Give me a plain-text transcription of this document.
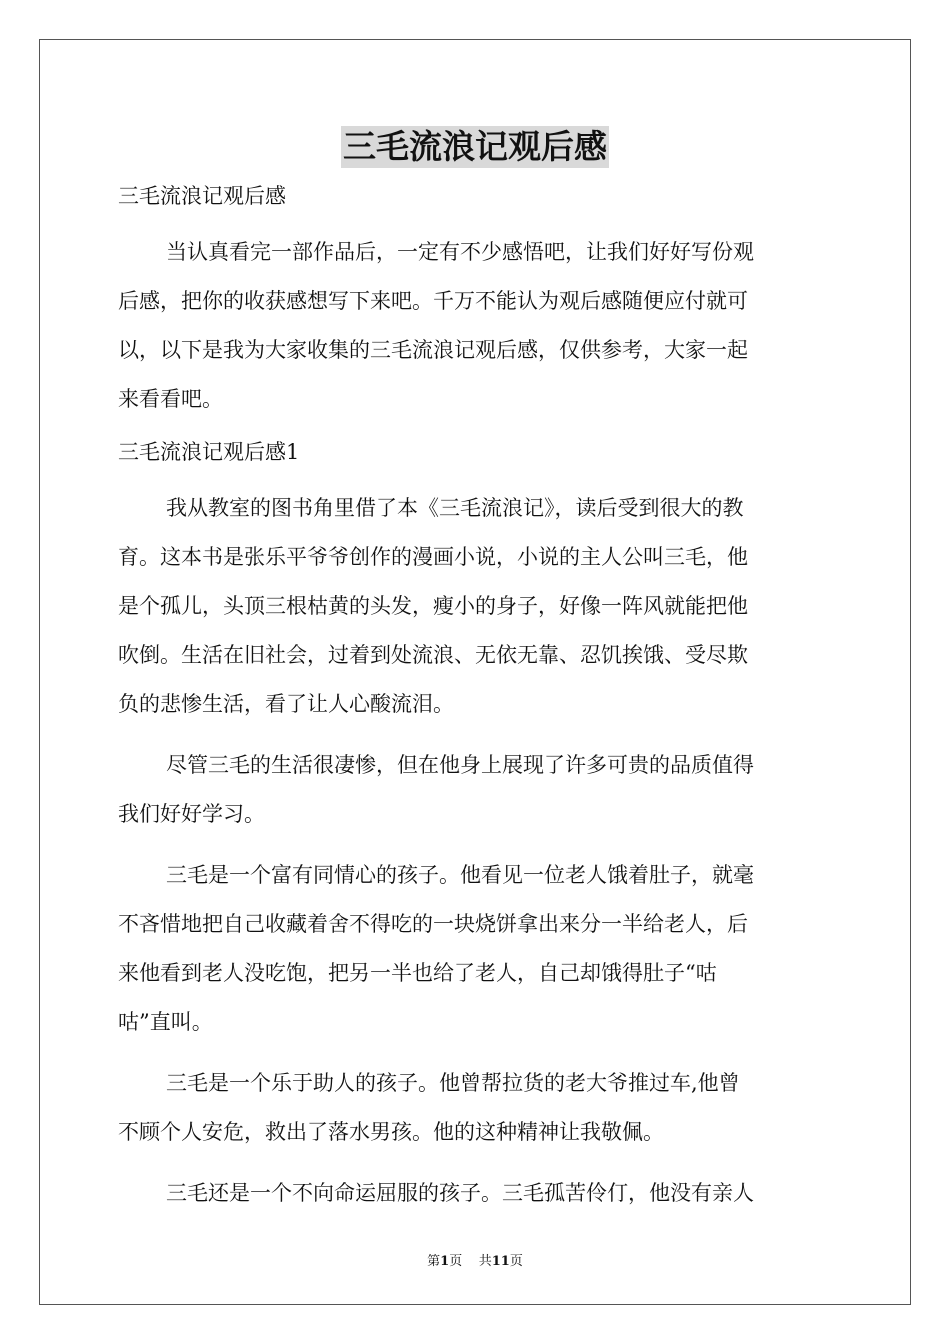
三毛流浪记观后感
三毛流浪记观后感
当认真看完一部作品后，一定有不少感悟吧，让我们好好写份观
后感，把你的收获感想写下来吧。千万不能认为观后感随便应付就可
以，以下是我为大家收集的三毛流浪记观后感，仅供参考，大家一起
来看看吧。
三毛流浪记观后感1
我从教室的图书角里借了本《三毛流浪记》，读后受到很大的教
育。这本书是张乐平爷爷创作的漫画小说，小说的主人公叫三毛，他
是个孤儿，头顶三根枯黄的头发，瘦小的身子，好像一阵风就能把他
吹倒。生活在旧社会，过着到处流浪、无依无靠、忍饥挨饿、受尽欺
负的悲惨生活，看了让人心酸流泪。
尽管三毛的生活很凄惨，但在他身上展现了许多可贵的品质值得
我们好好学习。
三毛是一个富有同情心的孩子。他看见一位老人饿着肚子，就毫
不吝惜地把自己收藏着舍不得吃的一块烧饼拿出来分一半给老人，后
来他看到老人没吃饱，把另一半也给了老人，自己却饿得肚子“咕
咕”直叫。
三毛是一个乐于助人的孩子。他曾帮拉货的老大爷推过车,他曾
不顾个人安危，救出了落水男孩。他的这种精神让我敬佩。
三毛还是一个不向命运屈服的孩子。三毛孤苦伶仃，他没有亲人
第1页 共11页
